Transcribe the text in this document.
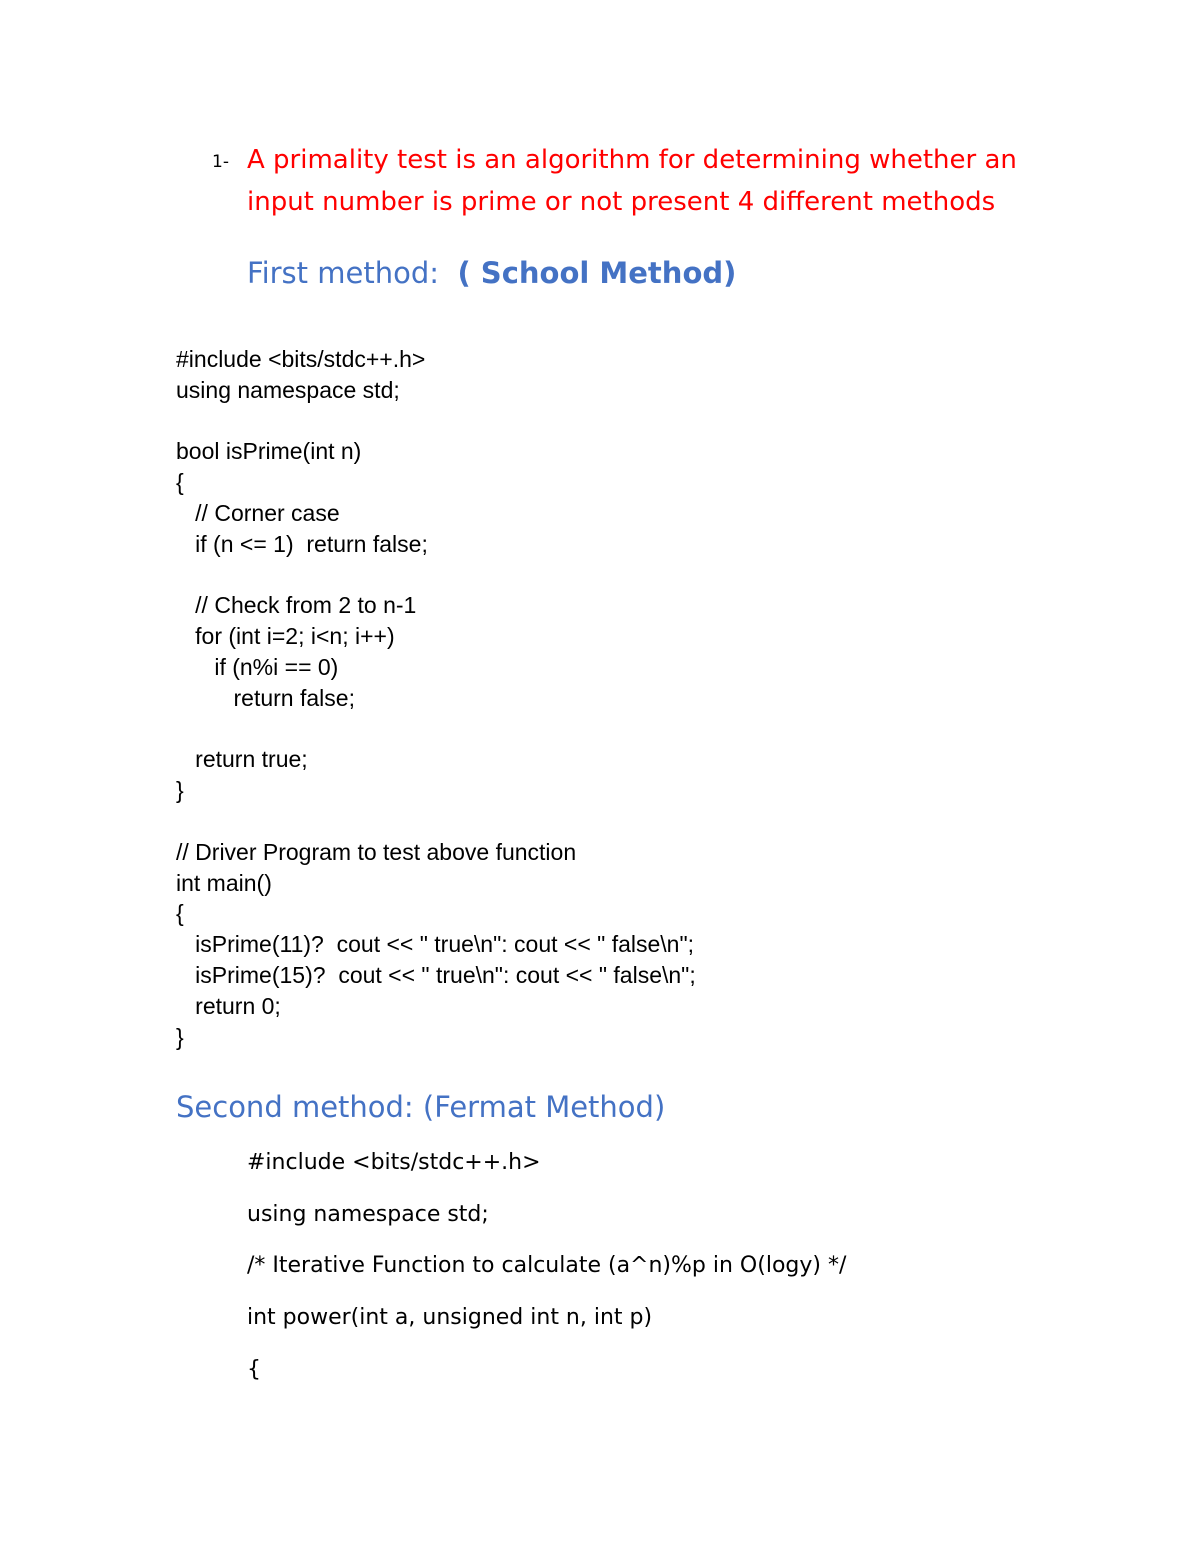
1- A primality test is an algorithm for determining whether an
input number is prime or not present 4 different methods
First method: ( School Method)
#include <bits/stdc++.h>
using namespace std;
bool isPrime(int n)
{
// Corner case
if (n <= 1)  return false;
// Check from 2 to n-1
for (int i=2; i<n; i++)
if (n%i == 0)
return false;
return true;
}
// Driver Program to test above function
int main()
{
isPrime(11)?  cout << " true\n": cout << " false\n";
isPrime(15)?  cout << " true\n": cout << " false\n";
return 0;
}
Second method: (Fermat Method)
#include <bits/stdc++.h>
using namespace std;
/* Iterative Function to calculate (a^n)%p in O(logy) */
int power(int a, unsigned int n, int p)
{
